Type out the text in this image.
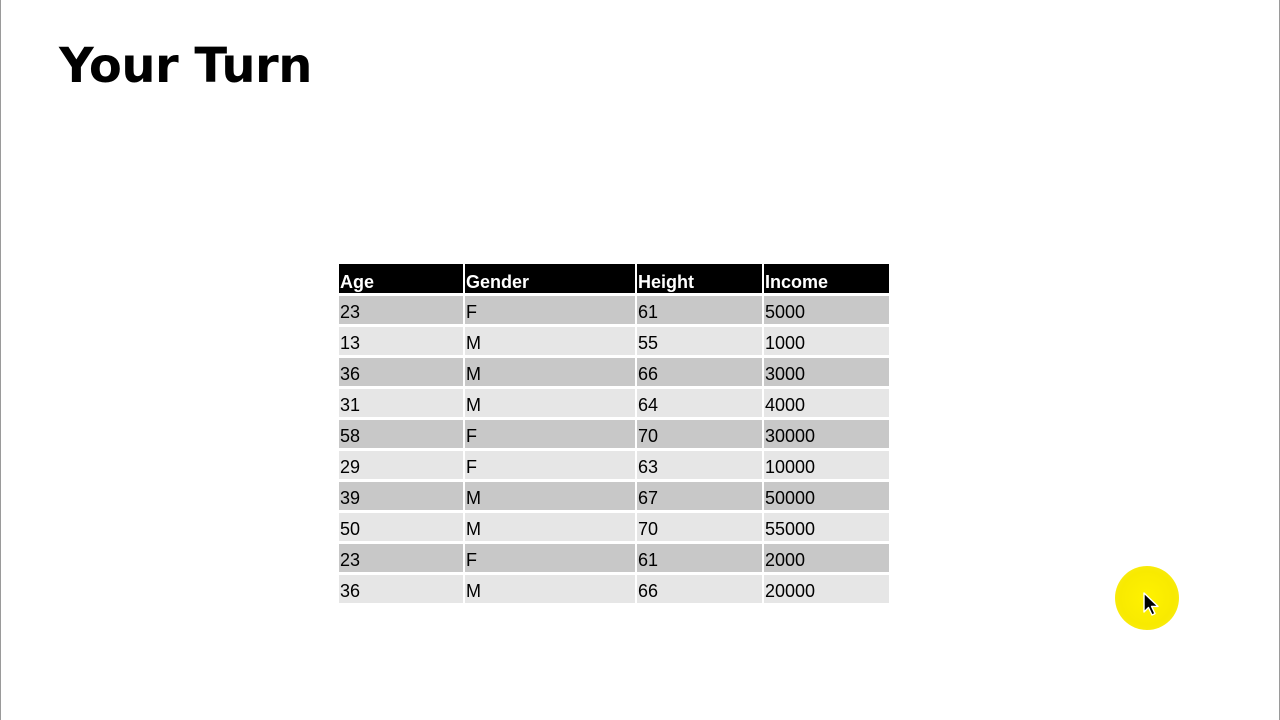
Your Turn
Age	Gender	Height	Income
23	F	61	5000
13	M	55	1000
36	M	66	3000
31	M	64	4000
58	F	70	30000
29	F	63	10000
39	M	67	50000
50	M	70	55000
23	F	61	2000
36	M	66	20000
